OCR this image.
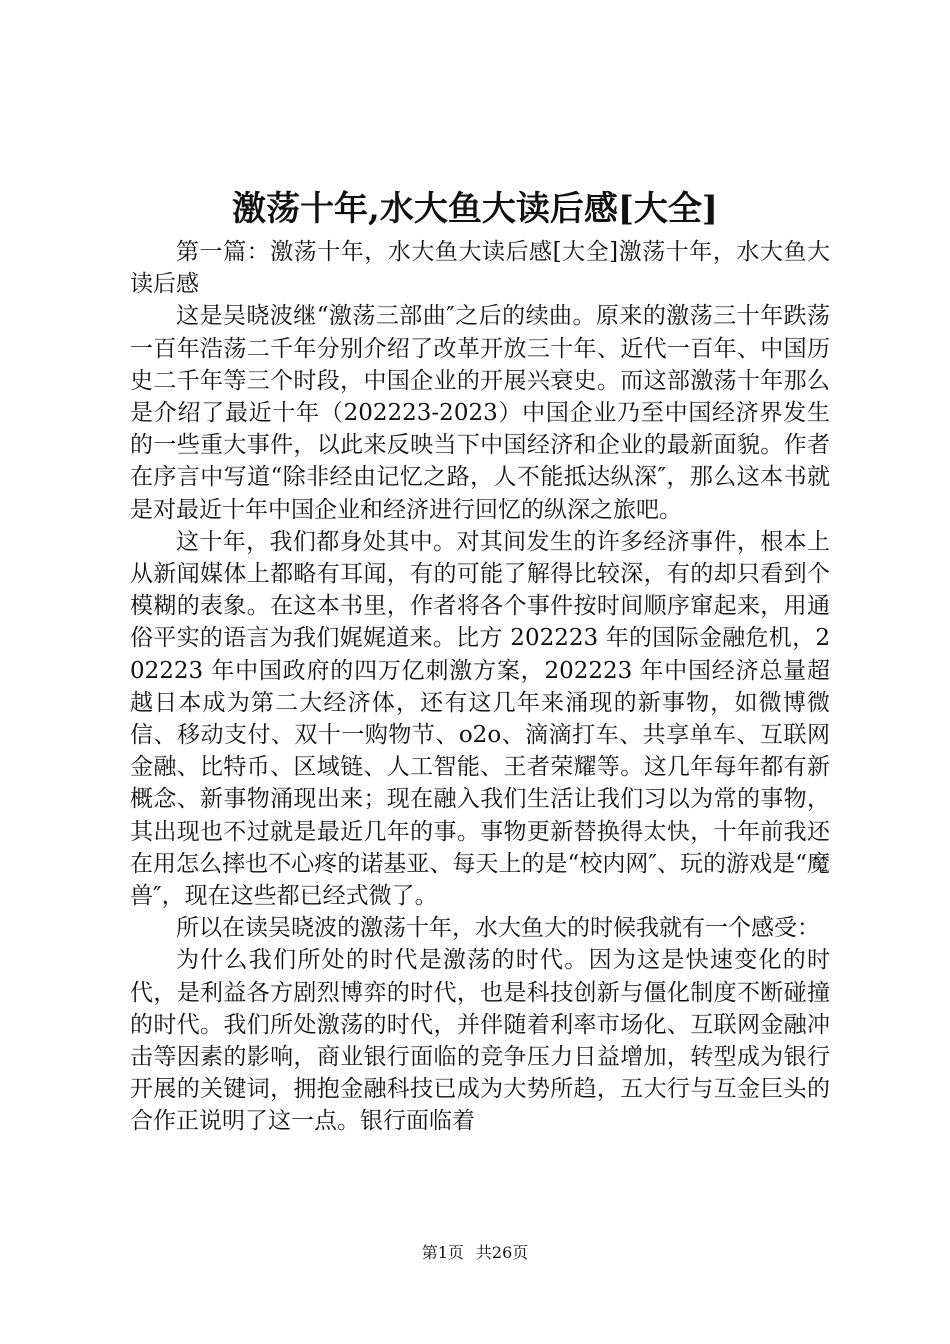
激荡十年,水大鱼大读后感[大全]

第一篇：激荡十年，水大鱼大读后感[大全]激荡十年，水大鱼大读后感

这是吴晓波继“激荡三部曲″之后的续曲。原来的激荡三十年跌荡一百年浩荡二千年分别介绍了改革开放三十年、近代一百年、中国历史二千年等三个时段，中国企业的开展兴衰史。而这部激荡十年那么是介绍了最近十年（202223-2023）中国企业乃至中国经济界发生的一些重大事件，以此来反映当下中国经济和企业的最新面貌。作者在序言中写道“除非经由记忆之路，人不能抵达纵深″，那么这本书就是对最近十年中国企业和经济进行回忆的纵深之旅吧。

这十年，我们都身处其中。对其间发生的许多经济事件，根本上从新闻媒体上都略有耳闻，有的可能了解得比较深，有的却只看到个模糊的表象。在这本书里，作者将各个事件按时间顺序窜起来，用通俗平实的语言为我们娓娓道来。比方 202223 年的国际金融危机，202223 年中国政府的四万亿刺激方案，202223 年中国经济总量超越日本成为第二大经济体，还有这几年来涌现的新事物，如微博微信、移动支付、双十一购物节、o2o、滴滴打车、共享单车、互联网金融、比特币、区域链、人工智能、王者荣耀等。这几年每年都有新概念、新事物涌现出来；现在融入我们生活让我们习以为常的事物，其出现也不过就是最近几年的事。事物更新替换得太快，十年前我还在用怎么摔也不心疼的诺基亚、每天上的是“校内网″、玩的游戏是“魔兽″，现在这些都已经式微了。

所以在读吴晓波的激荡十年，水大鱼大的时候我就有一个感受：

为什么我们所处的时代是激荡的时代。因为这是快速变化的时代，是利益各方剧烈博弈的时代，也是科技创新与僵化制度不断碰撞的时代。我们所处激荡的时代，并伴随着利率市场化、互联网金融冲击等因素的影响，商业银行面临的竞争压力日益增加，转型成为银行开展的关键词，拥抱金融科技已成为大势所趋，五大行与互金巨头的合作正说明了这一点。银行面临着

第1页 共26页
